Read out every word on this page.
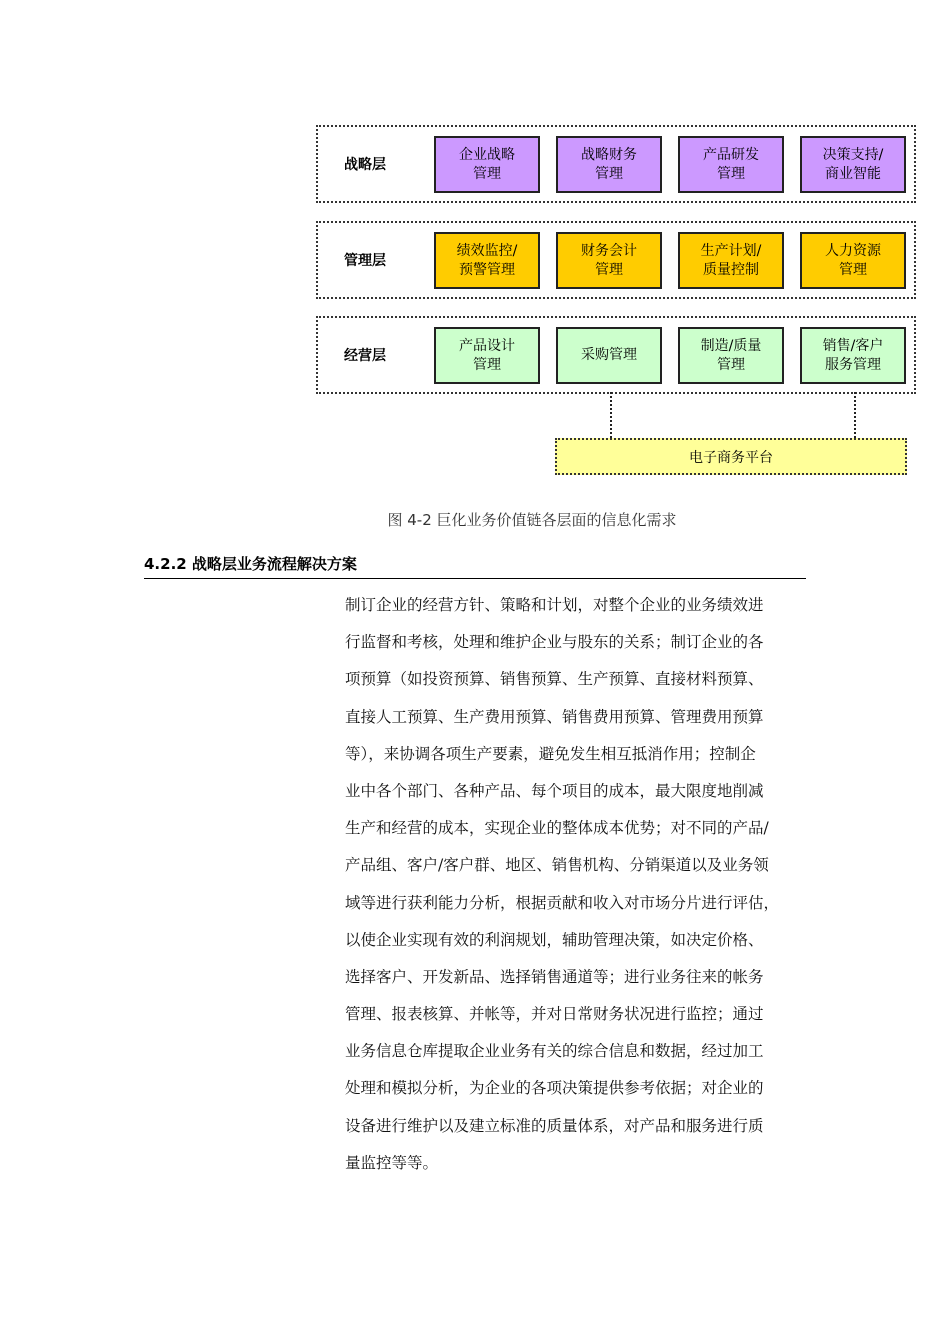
战略层
企业战略
管理
战略财务
管理
产品研发
管理
决策支持/
商业智能
管理层
绩效监控/
预警管理
财务会计
管理
生产计划/
质量控制
人力资源
管理
经营层
产品设计
管理
采购管理
制造/质量
管理
销售/客户
服务管理
电子商务平台
图 4-2 巨化业务价值链各层面的信息化需求
4.2.2 战略层业务流程解决方案
制订企业的经营方针、策略和计划，对整个企业的业务绩效进
行监督和考核，处理和维护企业与股东的关系；制订企业的各
项预算（如投资预算、销售预算、生产预算、直接材料预算、
直接人工预算、生产费用预算、销售费用预算、管理费用预算
等），来协调各项生产要素，避免发生相互抵消作用；控制企
业中各个部门、各种产品、每个项目的成本，最大限度地削减
生产和经营的成本，实现企业的整体成本优势；对不同的产品/
产品组、客户/客户群、地区、销售机构、分销渠道以及业务领
域等进行获利能力分析，根据贡献和收入对市场分片进行评估，
以使企业实现有效的利润规划，辅助管理决策，如决定价格、
选择客户、开发新品、选择销售通道等；进行业务往来的帐务
管理、报表核算、并帐等，并对日常财务状况进行监控；通过
业务信息仓库提取企业业务有关的综合信息和数据，经过加工
处理和模拟分析，为企业的各项决策提供参考依据；对企业的
设备进行维护以及建立标准的质量体系，对产品和服务进行质
量监控等等。
